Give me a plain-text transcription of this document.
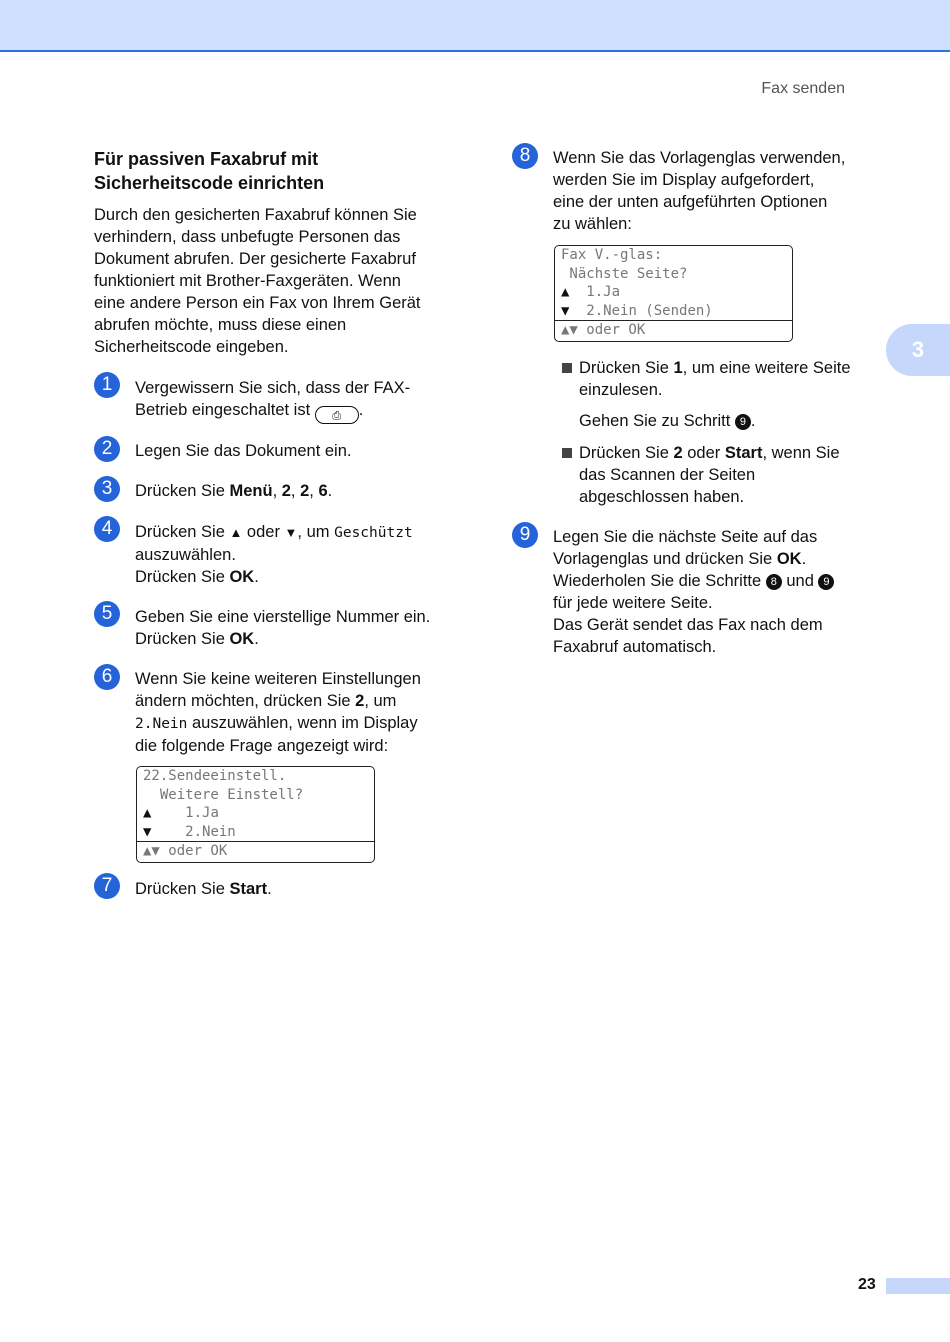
Fax senden
3
Für passiven Faxabruf mit
Sicherheitscode einrichten
Durch den gesicherten Faxabruf können Sie
verhindern, dass unbefugte Personen das
Dokument abrufen. Der gesicherte Faxabruf
funktioniert mit Brother-Faxgeräten. Wenn
eine andere Person ein Fax von Ihrem Gerät
abrufen möchte, muss diese einen
Sicherheitscode eingeben.
1	Vergewissern Sie sich, dass der FAX-
Betrieb eingeschaltet ist ⎙ .
2	Legen Sie das Dokument ein.
3	Drücken Sie Menü, 2, 2, 6.
4	Drücken Sie ▲ oder ▼, um Geschützt
auszuwählen.
Drücken Sie OK.
5	Geben Sie eine vierstellige Nummer ein.
Drücken Sie OK.
6	Wenn Sie keine weiteren Einstellungen
ändern möchten, drücken Sie 2, um
2.Nein auszuwählen, wenn im Display
die folgende Frage angezeigt wird:
22.Sendeeinstell.
Weitere Einstell?
▲    1.Ja
▼    2.Nein
▲▼ oder OK
7	Drücken Sie Start.
8	Wenn Sie das Vorlagenglas verwenden,
werden Sie im Display aufgefordert,
eine der unten aufgeführten Optionen
zu wählen:
Fax V.-glas:
Nächste Seite?
▲  1.Ja
▼  2.Nein (Senden)
▲▼ oder OK
Drücken Sie 1, um eine weitere Seite
einzulesen.
Gehen Sie zu Schritt 9 .
Drücken Sie 2 oder Start, wenn Sie
das Scannen der Seiten
abgeschlossen haben.
9	Legen Sie die nächste Seite auf das
Vorlagenglas und drücken Sie OK.
Wiederholen Sie die Schritte 8 und 9
für jede weitere Seite.
Das Gerät sendet das Fax nach dem
Faxabruf automatisch.
23
